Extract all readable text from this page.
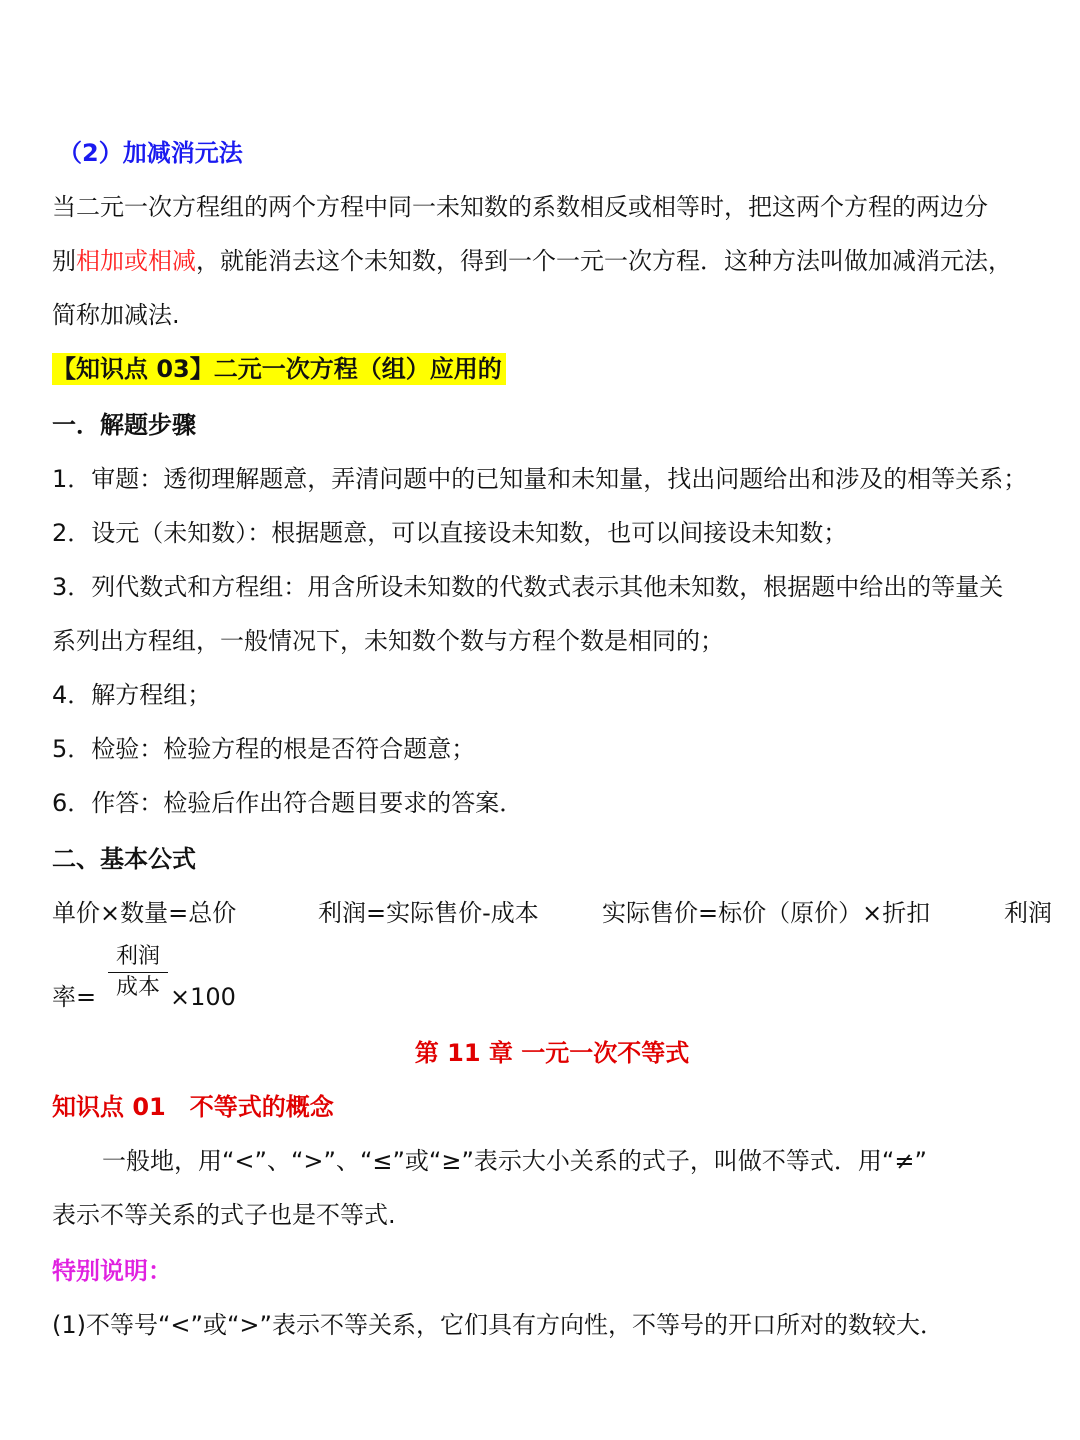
（2）加减消元法
当二元一次方程组的两个方程中同一未知数的系数相反或相等时，把这两个方程的两边分
别相加或相减，就能消去这个未知数，得到一个一元一次方程．这种方法叫做加减消元法，
简称加减法.
【知识点 03】二元一次方程（组）应用的
一．解题步骤
1．审题：透彻理解题意，弄清问题中的已知量和未知量，找出问题给出和涉及的相等关系；
2．设元（未知数）：根据题意，可以直接设未知数，也可以间接设未知数；
3．列代数式和方程组：用含所设未知数的代数式表示其他未知数，根据题中给出的等量关
系列出方程组，一般情况下，未知数个数与方程个数是相同的；
4．解方程组；
5．检验：检验方程的根是否符合题意；
6．作答：检验后作出符合题目要求的答案．
二、基本公式
单价×数量=总价	利润=实际售价-成本	实际售价=标价（原价）×折扣	利润
率=
利润
成本 ×100
第 11 章 一元一次不等式
知识点 01　不等式的概念
一般地，用“<”、“>”、“≤”或“≥”表示大小关系的式子，叫做不等式．用“≠”
表示不等关系的式子也是不等式.
特别说明：
(1)不等号“<”或“>”表示不等关系，它们具有方向性，不等号的开口所对的数较大．
